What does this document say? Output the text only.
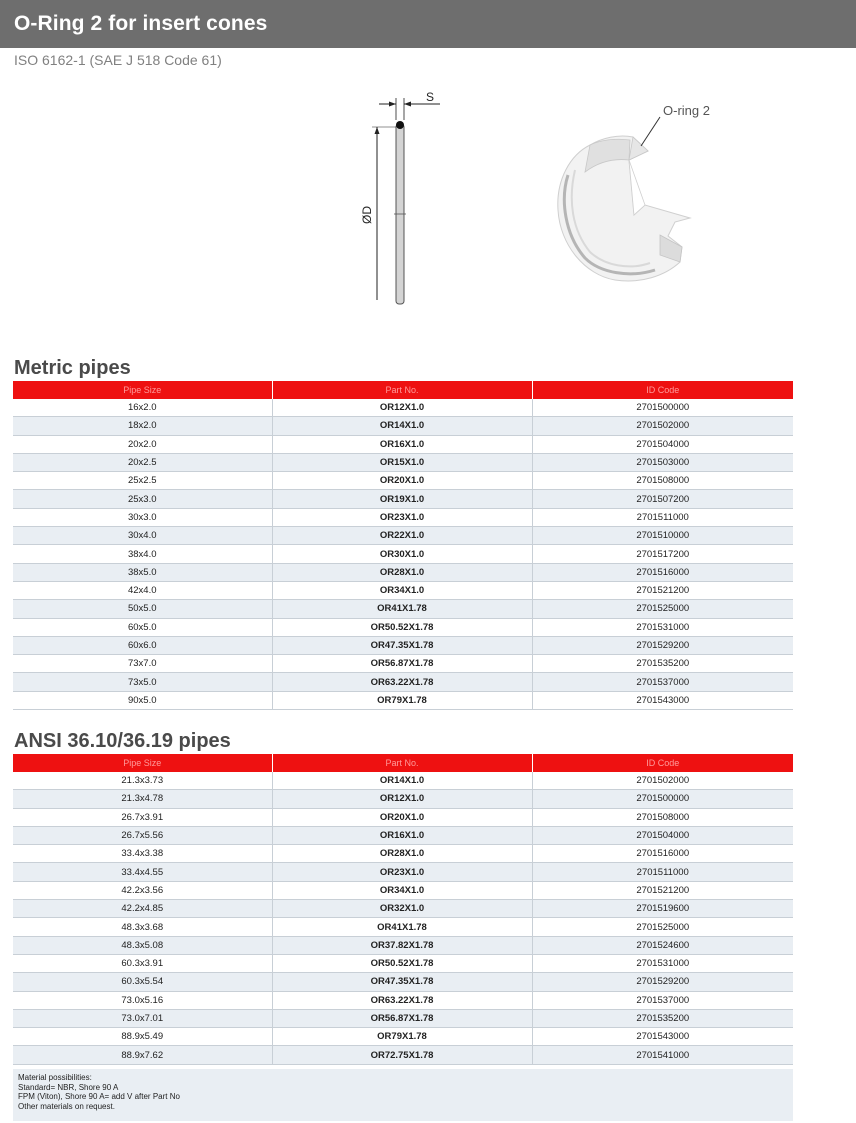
O-Ring 2 for insert cones
ISO 6162-1 (SAE J 518 Code 61)
S
ØD
O-ring 2
Metric pipes
Pipe Size	Part No.	ID Code
16x2.0	OR12X1.0	2701500000
18x2.0	OR14X1.0	2701502000
20x2.0	OR16X1.0	2701504000
20x2.5	OR15X1.0	2701503000
25x2.5	OR20X1.0	2701508000
25x3.0	OR19X1.0	2701507200
30x3.0	OR23X1.0	2701511000
30x4.0	OR22X1.0	2701510000
38x4.0	OR30X1.0	2701517200
38x5.0	OR28X1.0	2701516000
42x4.0	OR34X1.0	2701521200
50x5.0	OR41X1.78	2701525000
60x5.0	OR50.52X1.78	2701531000
60x6.0	OR47.35X1.78	2701529200
73x7.0	OR56.87X1.78	2701535200
73x5.0	OR63.22X1.78	2701537000
90x5.0	OR79X1.78	2701543000
ANSI 36.10/36.19 pipes
Pipe Size	Part No.	ID Code
21.3x3.73	OR14X1.0	2701502000
21.3x4.78	OR12X1.0	2701500000
26.7x3.91	OR20X1.0	2701508000
26.7x5.56	OR16X1.0	2701504000
33.4x3.38	OR28X1.0	2701516000
33.4x4.55	OR23X1.0	2701511000
42.2x3.56	OR34X1.0	2701521200
42.2x4.85	OR32X1.0	2701519600
48.3x3.68	OR41X1.78	2701525000
48.3x5.08	OR37.82X1.78	2701524600
60.3x3.91	OR50.52X1.78	2701531000
60.3x5.54	OR47.35X1.78	2701529200
73.0x5.16	OR63.22X1.78	2701537000
73.0x7.01	OR56.87X1.78	2701535200
88.9x5.49	OR79X1.78	2701543000
88.9x7.62	OR72.75X1.78	2701541000
Material possibilities:
Standard= NBR, Shore 90 A
FPM (Viton), Shore 90 A= add V after Part No
Other materials on request.
